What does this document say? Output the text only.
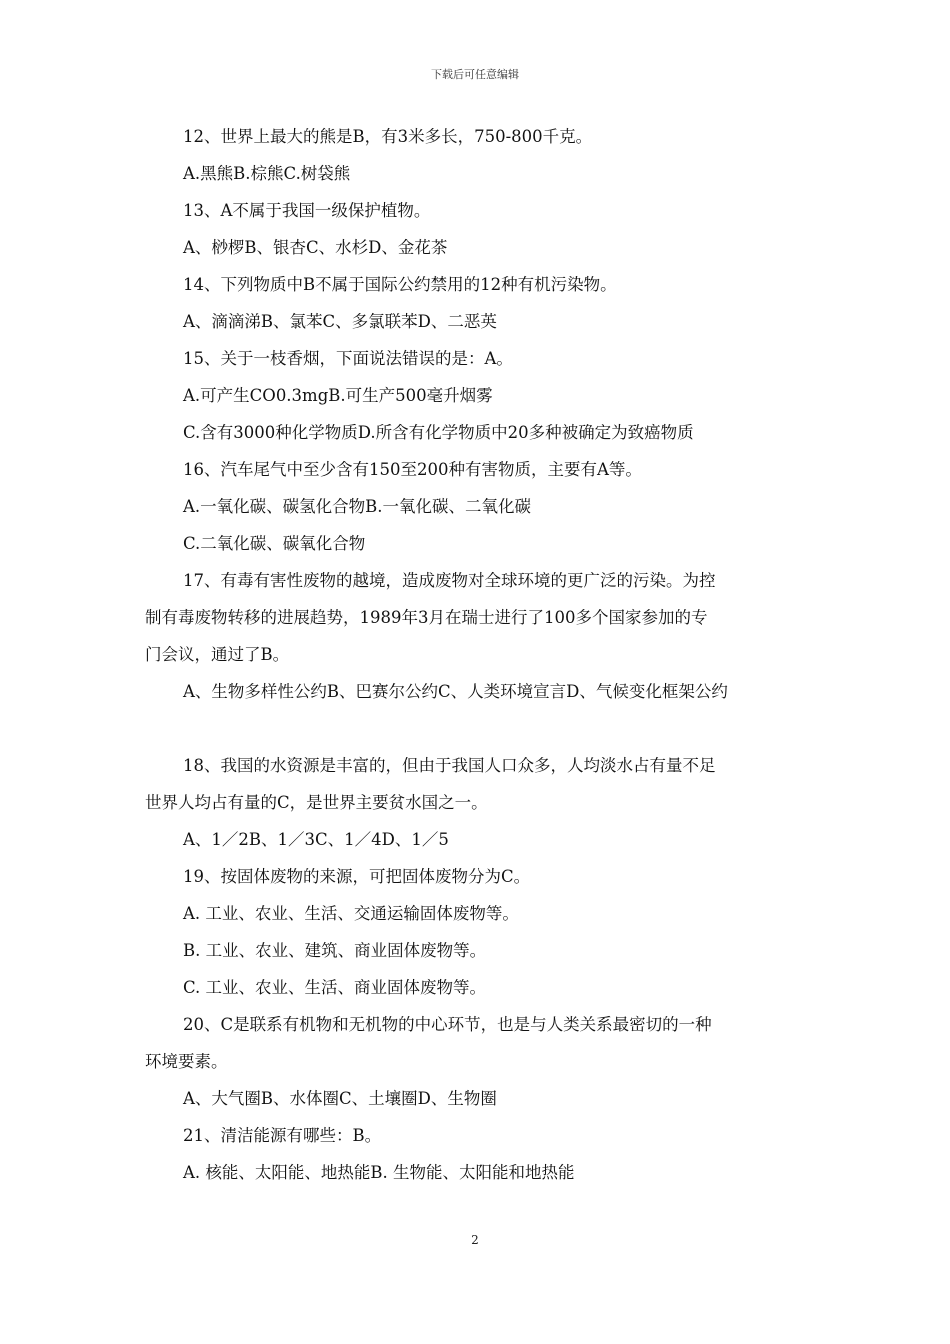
下载后可任意编辑
12、世界上最大的熊是B，有3米多长，750-800千克。
A.黑熊B.棕熊C.树袋熊
13、A不属于我国一级保护植物。
A、桫椤B、银杏C、水杉D、金花茶
14、下列物质中B不属于国际公约禁用的12种有机污染物。
A、滴滴涕B、氯苯C、多氯联苯D、二恶英
15、关于一枝香烟，下面说法错误的是：A。
A.可产生CO0.3mgB.可生产500毫升烟雾
C.含有3000种化学物质D.所含有化学物质中20多种被确定为致癌物质
16、汽车尾气中至少含有150至200种有害物质，主要有A等。
A.一氧化碳、碳氢化合物B.一氧化碳、二氧化碳
C.二氧化碳、碳氧化合物
17、有毒有害性废物的越境，造成废物对全球环境的更广泛的污染。为控
制有毒废物转移的进展趋势，1989年3月在瑞士进行了100多个国家参加的专
门会议，通过了B。
A、生物多样性公约B、巴赛尔公约C、人类环境宣言D、气候变化框架公约
18、我国的水资源是丰富的，但由于我国人口众多，人均淡水占有量不足
世界人均占有量的C，是世界主要贫水国之一。
A、1／2B、1／3C、1／4D、1／5
19、按固体废物的来源，可把固体废物分为C。
A. 工业、农业、生活、交通运输固体废物等。
B. 工业、农业、建筑、商业固体废物等。
C. 工业、农业、生活、商业固体废物等。
20、C是联系有机物和无机物的中心环节，也是与人类关系最密切的一种
环境要素。
A、大气圈B、水体圈C、土壤圈D、生物圈
21、清洁能源有哪些：B。
A. 核能、太阳能、地热能B. 生物能、太阳能和地热能
2
